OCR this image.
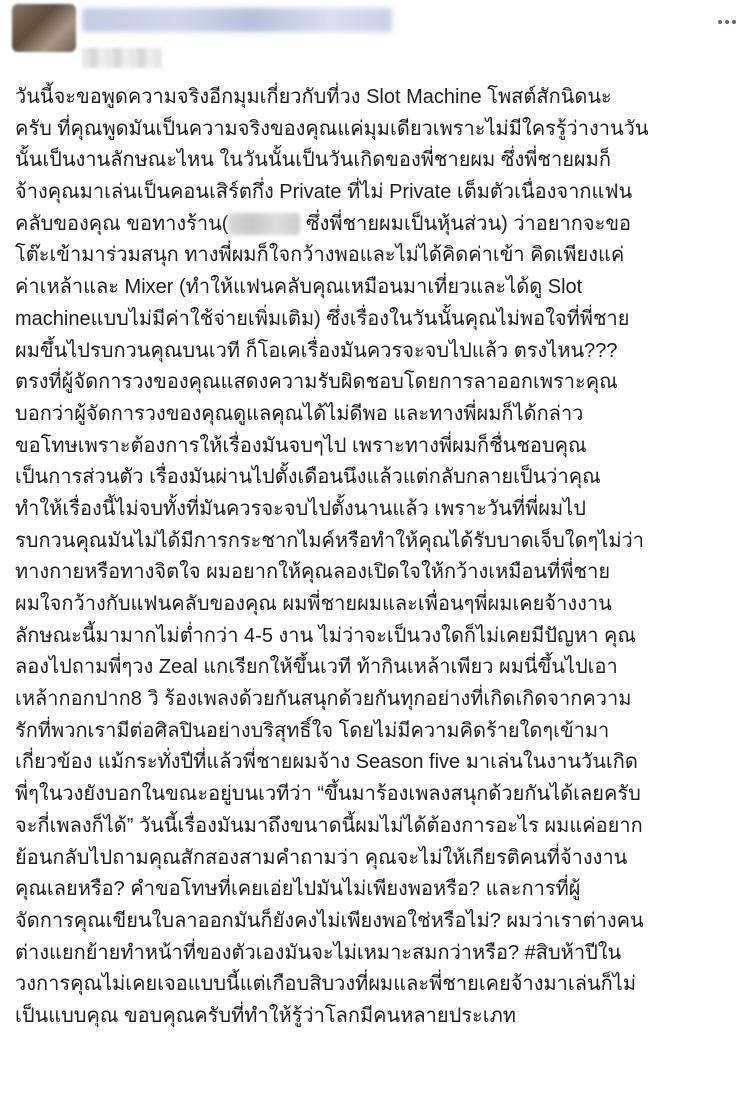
วันนี้จะขอพูดความจริงอีกมุมเกี่ยวกับที่วง Slot Machine โพสต์สักนิดนะ
ครับ ที่คุณพูดมันเป็นความจริงของคุณแค่มุมเดียวเพราะไม่มีใครรู้ว่างานวัน
นั้นเป็นงานลักษณะไหน ในวันนั้นเป็นวันเกิดของพี่ชายผม ซึ่งพี่ชายผมก็
จ้างคุณมาเล่นเป็นคอนเสิร์ตกึ่ง Private ที่ไม่ Private เต็มตัวเนื่องจากแฟน
คลับของคุณ ขอทางร้าน(	ซึ่งพี่ชายผมเป็นหุ้นส่วน) ว่าอยากจะขอ
โต๊ะเข้ามาร่วมสนุก ทางพี่ผมก็ใจกว้างพอและไม่ได้คิดค่าเข้า คิดเพียงแค่
ค่าเหล้าและ Mixer (ทำให้แฟนคลับคุณเหมือนมาเที่ยวและได้ดู Slot
machineแบบไม่มีค่าใช้จ่ายเพิ่มเติม) ซึ่งเรื่องในวันนั้นคุณไม่พอใจที่พี่ชาย
ผมขึ้นไปรบกวนคุณบนเวที ก็โอเคเรื่องมันควรจะจบไปแล้ว ตรงไหน???
ตรงที่ผู้จัดการวงของคุณแสดงความรับผิดชอบโดยการลาออกเพราะคุณ
บอกว่าผู้จัดการวงของคุณดูแลคุณได้ไม่ดีพอ และทางพี่ผมก็ได้กล่าว
ขอโทษเพราะต้องการให้เรื่องมันจบๆไป เพราะทางพี่ผมก็ชื่นชอบคุณ
เป็นการส่วนตัว เรื่องมันผ่านไปตั้งเดือนนึงแล้วแต่กลับกลายเป็นว่าคุณ
ทำให้เรื่องนี้ไม่จบทั้งที่มันควรจะจบไปตั้งนานแล้ว เพราะวันที่พี่ผมไป
รบกวนคุณมันไม่ได้มีการกระชากไมค์หรือทำให้คุณได้รับบาดเจ็บใดๆไม่ว่า
ทางกายหรือทางจิตใจ ผมอยากให้คุณลองเปิดใจให้กว้างเหมือนที่พี่ชาย
ผมใจกว้างกับแฟนคลับของคุณ ผมพี่ชายผมและเพื่อนๆพี่ผมเคยจ้างงาน
ลักษณะนี้มามากไม่ต่ำกว่า 4-5 งาน ไม่ว่าจะเป็นวงใดก็ไม่เคยมีปัญหา คุณ
ลองไปถามพี่ๆวง Zeal แกเรียกให้ขึ้นเวที ท้ากินเหล้าเพียว ผมนี่ขึ้นไปเอา
เหล้ากอกปาก8 วิ ร้องเพลงด้วยกันสนุกด้วยกันทุกอย่างที่เกิดเกิดจากความ
รักที่พวกเรามีต่อศิลปินอย่างบริสุทธิ์ใจ โดยไม่มีความคิดร้ายใดๆเข้ามา
เกี่ยวข้อง แม้กระทั่งปีที่แล้วพี่ชายผมจ้าง Season five มาเล่นในงานวันเกิด
พี่ๆในวงยังบอกในขณะอยู่บนเวทีว่า “ขึ้นมาร้องเพลงสนุกด้วยกันได้เลยครับ
จะกี่เพลงก็ได้” วันนี้เรื่องมันมาถึงขนาดนี้ผมไม่ได้ต้องการอะไร ผมแค่อยาก
ย้อนกลับไปถามคุณสักสองสามคำถามว่า คุณจะไม่ให้เกียรติคนที่จ้างงาน
คุณเลยหรือ? คำขอโทษที่เคยเอ่ยไปมันไม่เพียงพอหรือ? และการที่ผู้
จัดการคุณเขียนใบลาออกมันก็ยังคงไม่เพียงพอใช่หรือไม่? ผมว่าเราต่างคน
ต่างแยกย้ายทำหน้าที่ของตัวเองมันจะไม่เหมาะสมกว่าหรือ? #สิบห้าปีใน
วงการคุณไม่เคยเจอแบบนี้แต่เกือบสิบวงที่ผมและพี่ชายเคยจ้างมาเล่นก็ไม่
เป็นแบบคุณ ขอบคุณครับที่ทำให้รู้ว่าโลกมีคนหลายประเภท
